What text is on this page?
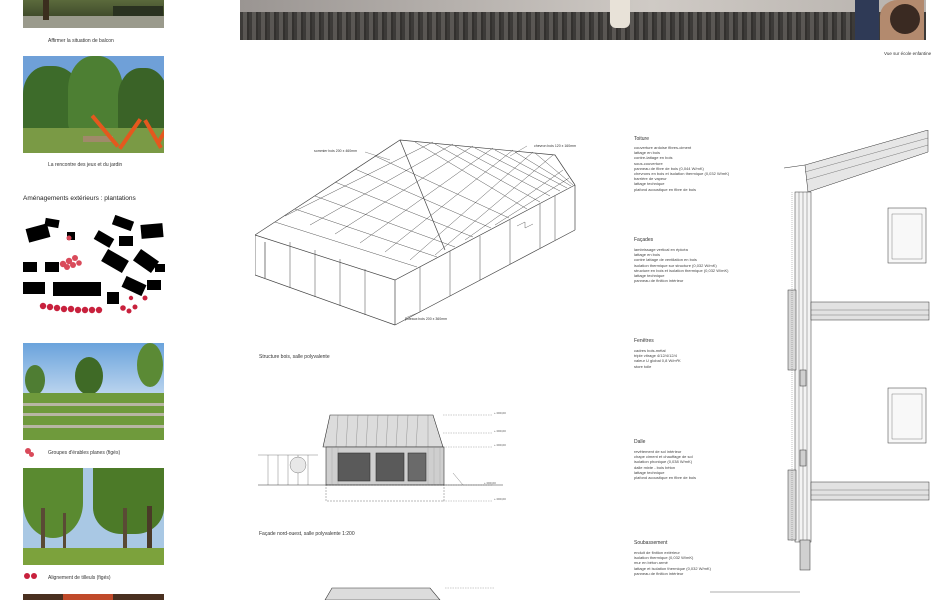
Affirmer la situation de balcon
La rencontre des jeux et du jardin
Aménagements extérieurs : plantations
Groupes d'érables planes (figés)
Alignement de tilleuls (figés)
Vue sur école enfantine
sommier bois 200 x 460mm
chevron bois 120 x 160mm
poteaux bois 200 x 360mm
Structure bois, salle polyvalente
+ 000,00
+ 000,00
+ 000,00
+ 000,00
+ 000,00
Façade nord-ouest, salle polyvalente 1:200
Toiture
couverture ardoise fibres-ciment
lattage en bois
contre-lattage en bois
sous-couverture
panneau de fibre de bois (0,044 W/mK)
chevrons en bois et isolation thermique (0,032 W/mK)
barrière de vapeur
lattage technique
plafond acoustique en fibre de bois
Façades
lambrissage vertical en épicéa
lattage en bois
contre lattage de ventilation en bois
isolation thermique sur structure (0,032 W/mK)
structure en bois et isolation thermique (0,032 W/mK)
lattage technique
panneau de finition intérieur
Fenêtres
cadres bois-métal
triple vitrage 4/12/4/12/4
valeur U global 0,8 W/m²K
store toile
Dalle
revêtement de sol intérieur
chape ciment et chauffage de sol
isolation phonique (0,038 W/mK)
dalle mixte - bois béton
lattage technique
plafond acoustique en fibre de bois
Soubassement
enduit de finition extérieur
isolation thermique (0,032 W/mK)
mur en béton armé
lattage et isolation thermique (0,032 W/mK)
panneau de finition intérieur
